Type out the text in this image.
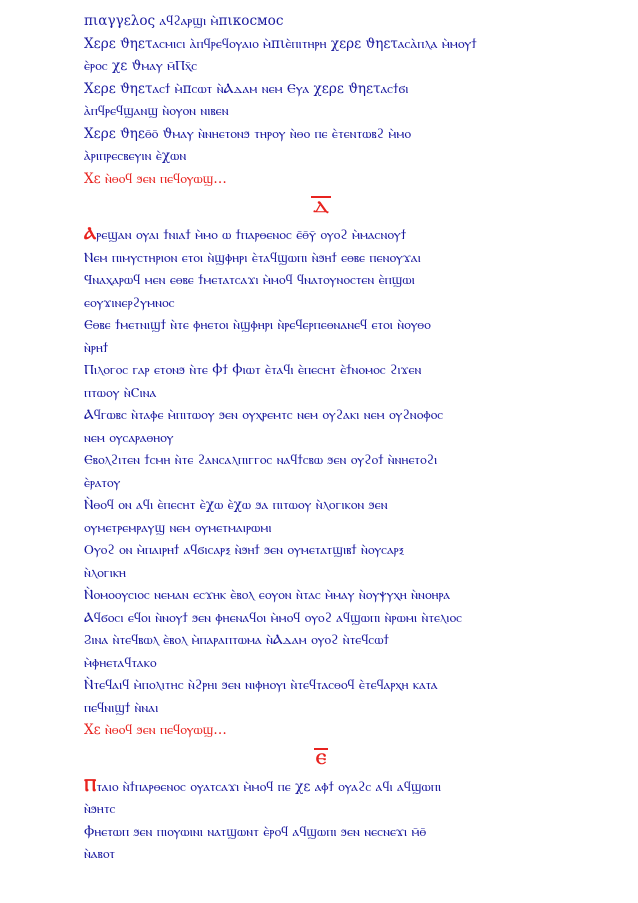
πιαγγελος ⲁϥϩⲁⲣϣⲓ ⲙ̀πικοсмоc
Χερε ϑηετⲁⲥⲙⲓⲥⲓ ⲁ̀ⲡϥⲣⲉϥⲟⲩⲁⲓⲟ ⲙ̀πιⲉ̀ⲡⲓⲧⲏⲣⲏ χερε ϑηετⲁⲥⲁ̀ⲡⲗⲁ ⲙ̀ⲙⲟⲩϯ
ⲉ̀ⲣⲟⲥ χε ϑⲙⲁⲩ ⲙ̄Ⲡⲭ̄ⲥ
Χερε ϑηετⲁⲥϯ ⲙ̀πⲥⲱⲧ ⲛ̀Ⲁⲇⲁⲙ ⲛⲉⲙ Ⲉⲩⲁ χερε ϑηετⲁⲥϯϭⲓ
ⲁ̀ⲡϥⲣⲉϥϣⲁⲛϣ ⲛ̀ⲟⲩⲟⲛ ⲛⲓⲃⲉⲛ
Χερε ϑηεⲑ̄ⲟ̄ ϑⲙⲁⲩ ⲛ̀ⲛⲏⲉⲧⲟⲛϧ ⲧⲏⲣⲟⲩ ⲛ̀ⲑⲟ ⲡⲉ ⲉ̀ⲧⲉⲛⲧⲱⲃϩ ⲙ̀ⲙⲟ
ⲁ̀ⲣⲓⲡⲣⲉⲥⲃⲉⲩⲓⲛ ⲉ̀χⲱⲛ
Χε ⲛ̀ⲑⲟϥ ϧⲉⲛ ⲡⲉϥⲟⲩⲱϣ…
Ⲇ
Ⲁⲣⲉϣⲁⲛ ⲟⲩⲁⲓ ϯⲛⲓⲁϯ ⲙ̀ⲙⲟ ⲱ ϯⲡⲁⲣⲑⲉⲛⲟⲥ ⲉ̄ⲑ̄ⲩ̄ ⲟⲩⲟϩ ⲙ̀ⲙⲁⲥⲛⲟⲩϯ
Ⲛⲉⲙ ⲡⲓⲙⲩⲥⲧⲏⲣⲓⲟⲛ ⲉⲧⲟⲓ ⲛ̀ϣⲫⲏⲣⲓ ⲉ̀ⲧⲁϥϣⲱⲡⲓ ⲛ̀ϧⲏϯ ⲉⲑⲃⲉ ⲡⲉⲛⲟⲩϫⲁⲓ
Ϥⲛⲁⲭⲁⲣⲱϥ ⲙⲉⲛ ⲉⲑⲃⲉ ϯⲙⲉⲧⲁⲧⲥⲁϫⲓ ⲙ̀ⲙⲟϥ ϥⲛⲁⲧⲟⲩⲛⲟⲥⲧⲉⲛ ⲉ̀ⲡϣⲱⲓ
ⲉⲟⲩϫⲓⲛⲉⲣϩⲩⲙⲛⲟⲥ
Ⲉⲑⲃⲉ ϯⲙⲉⲧⲛⲓϣϯ ⲛ̀ⲧⲉ ⲫⲏⲉⲧⲟⲓ ⲛ̀ϣⲫⲏⲣⲓ ⲛ̀ⲣⲉϥⲉⲣⲡⲉⲑⲛⲁⲛⲉϥ ⲉⲧⲟⲓ ⲛ̀ⲟⲩⲑⲟ
ⲛ̀ⲣⲏϯ
Ⲡⲓⲗⲟⲅⲟⲥ ⲅⲁⲣ ⲉⲧⲟⲛϧ ⲛ̀ⲧⲉ Ⲫϯ Ⲫⲓⲱⲧ ⲉ̀ⲧⲁϥⲓ ⲉ̀ⲡⲉⲥⲏⲧ ⲉ̀ϯⲛⲟⲙⲟⲥ ϩⲓϫⲉⲛ
ⲡⲧⲱⲟⲩ ⲛ̀Ⲥⲓⲛⲁ
Ⲁϥⲅⲱⲃⲥ ⲛ̀ⲧⲁⲫⲉ ⲙ̀ⲡⲓⲧⲱⲟⲩ ϧⲉⲛ ⲟⲩⲭⲣⲉⲙⲧⲥ ⲛⲉⲙ ⲟⲩϩⲁⲕⲓ ⲛⲉⲙ ⲟⲩϩⲛⲟⲫⲟⲥ
ⲛⲉⲙ ⲟⲩⲥⲁⲣⲁⲑⲏⲟⲩ
Ⲉⲃⲟⲗϩⲓⲧⲉⲛ ϯⲥⲙⲏ ⲛ̀ⲧⲉ ϩⲁⲛⲥⲁⲗⲡⲓⲅⲅⲟⲥ ⲛⲁϥϯⲥⲃⲱ ϧⲉⲛ ⲟⲩϩⲟϯ ⲛ̀ⲛⲏⲉⲧⲟϩⲓ
ⲉ̀ⲣⲁⲧⲟⲩ
Ⲛ̀ⲑⲟϥ ⲟⲛ ⲁϥⲓ ⲉ̀ⲡⲉⲥⲏⲧ ⲉ̀χⲱ ⲉ̀χⲱ ϧⲁ ⲡⲓⲧⲱⲟⲩ ⲛ̀ⲗⲟⲅⲓⲕⲟⲛ ϧⲉⲛ
ⲟⲩⲙⲉⲧⲣⲉⲙⲣⲁⲩϣ ⲛⲉⲙ ⲟⲩⲙⲉⲧⲙⲁⲓⲣⲱⲙⲓ
Ⲟⲩⲟϩ ⲟⲛ ⲙ̀ⲡⲁⲓⲣⲏϯ ⲁϥϭⲓⲥⲁⲣⲝ ⲛ̀ϧⲏϯ ϧⲉⲛ ⲟⲩⲙⲉⲧⲁⲧϣⲓⲃϯ ⲛ̀ⲟⲩⲥⲁⲣⲝ
ⲛ̀ⲗⲟⲅⲓⲕⲏ
Ⲛ̀ⲟⲙⲟⲟⲩⲥⲓⲟⲥ ⲛⲉⲙⲁⲛ ⲉⲥϫⲏⲕ ⲉ̀ⲃⲟⲗ ⲉⲟⲩⲟⲛ ⲛ̀ⲧⲁⲥ ⲙ̀ⲙⲁⲩ ⲛ̀ⲟⲩⲯⲩⲭⲏ ⲛ̀ⲛⲟⲏⲣⲁ
Ⲁϥϭⲟⲥⲓ ⲉϥⲟⲓ ⲛ̀ⲛⲟⲩϯ ϧⲉⲛ ⲫⲏⲉⲛⲁϥⲟⲓ ⲙ̀ⲙⲟϥ ⲟⲩⲟϩ ⲁϥϣⲱⲡⲓ ⲛ̀ⲣⲱⲙⲓ ⲛ̀ⲧⲉⲗⲓⲟⲥ
Ϩⲓⲛⲁ ⲛ̀ⲧⲉϥⲃⲱⲗ ⲉ̀ⲃⲟⲗ ⲙ̀ⲡⲁⲣⲁⲡⲧⲱⲙⲁ ⲛ̀Ⲁⲇⲁⲙ ⲟⲩⲟϩ ⲛ̀ⲧⲉϥⲥⲱϯ
ⲙ̀ⲫⲏⲉⲧⲁϥⲧⲁⲕⲟ
Ⲛ̀ⲧⲉϥⲁⲓϥ ⲙ̀ⲡⲟⲗⲓⲧⲏⲥ ⲛ̀ϩⲣⲏⲓ ϧⲉⲛ ⲛⲓⲫⲏⲟⲩⲓ ⲛ̀ⲧⲉϥⲧⲁⲥⲑⲟϥ ⲉ̀ⲧⲉϥⲁⲣⲭⲏ ⲕⲁⲧⲁ
ⲡⲉϥⲛⲓϣϯ ⲛ̀ⲛⲁⲓ
Χε ⲛ̀ⲑⲟϥ ϧⲉⲛ ⲡⲉϥⲟⲩⲱϣ…
Ⲉ
Ⲡⲧⲁⲓⲟ ⲛ̀ϯⲡⲁⲣⲑⲉⲛⲟⲥ ⲟⲩⲁⲧⲥⲁϫⲓ ⲙ̀ⲙⲟϥ ⲡⲉ χε ⲁⲫϯ ⲟⲩⲁϩⲥ ⲁϥⲓ ⲁϥϣⲱⲡⲓ
ⲛ̀ϧⲏⲧⲥ
Ⲫⲏⲉⲧⲱⲡ ϧⲉⲛ ⲡⲓⲟⲩⲱⲓⲛⲓ ⲛⲁⲧϣⲱⲛⲧ ⲉ̀ⲣⲟϥ ⲁϥϣⲱⲡⲓ ϧⲉⲛ ⲛⲉⲥⲛⲉϫⲓ ⲙ̄ⲑ̄
ⲛ̀ⲁⲃⲟⲧ
